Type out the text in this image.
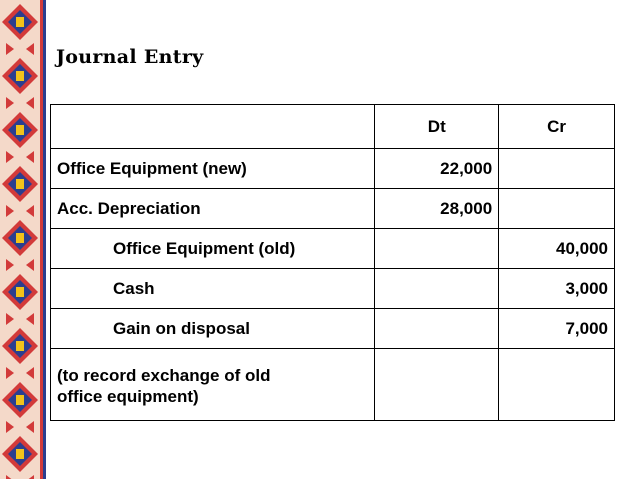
Journal Entry
	Dt	Cr
Office Equipment (new)	22,000	
Acc. Depreciation	28,000	
Office Equipment (old)		40,000
Cash		3,000
Gain on disposal		7,000

(to record exchange of old
office equipment)		
